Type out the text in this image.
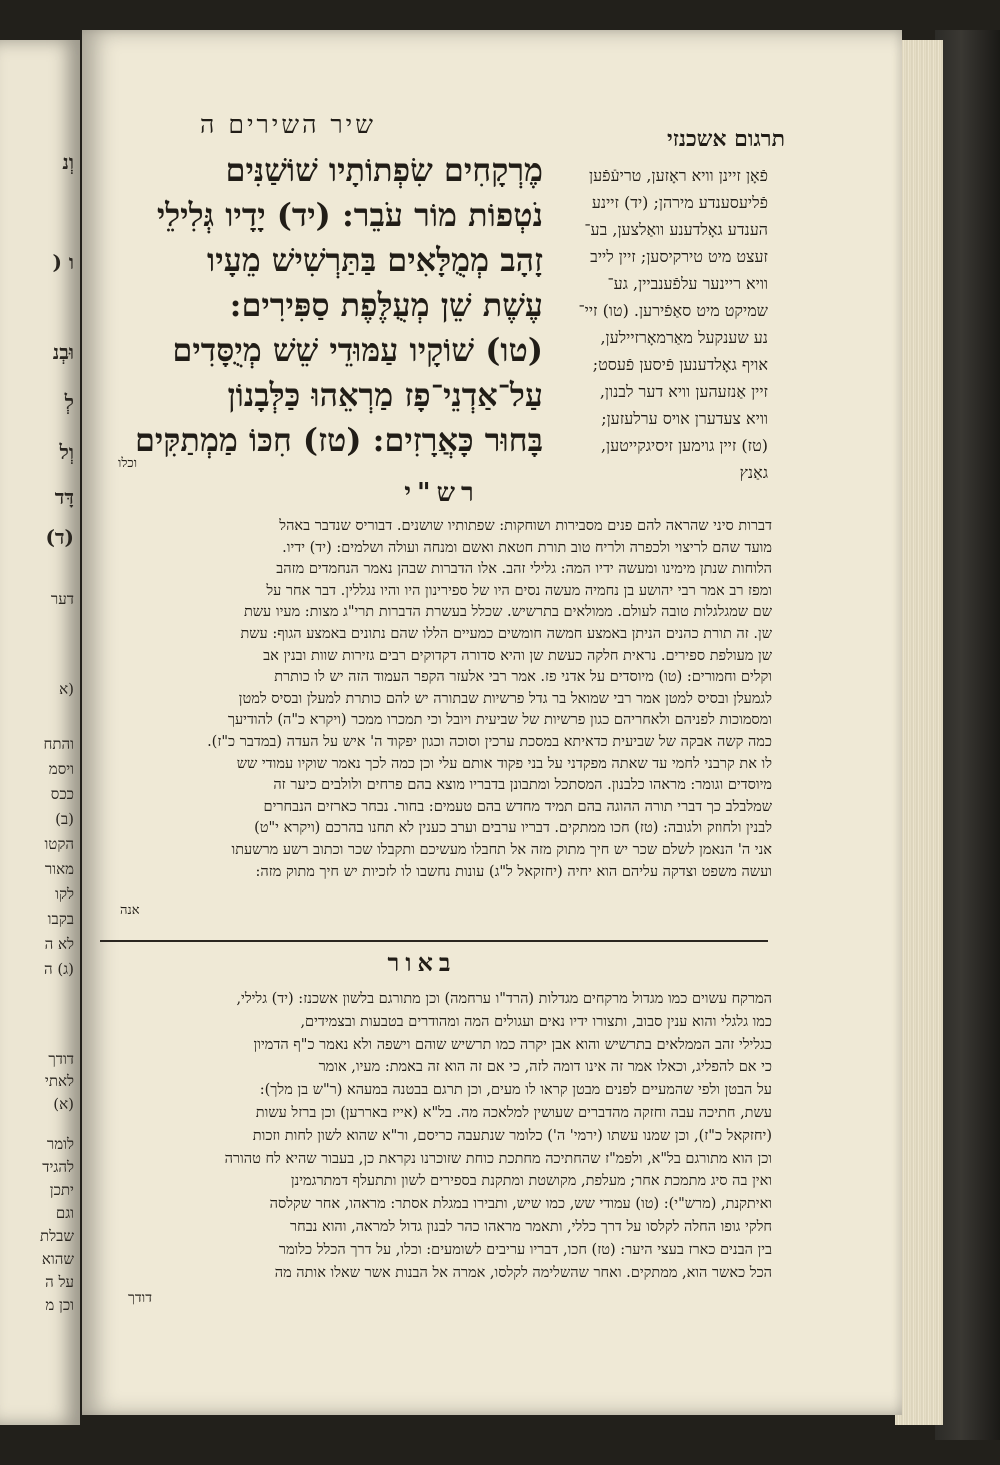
וְנ
ו (
וּבְנ
לְ
וְל
דָּד
(ד)
דער
(א
והתח
ויסמ
ככס
(ב)
הקטו
מאור
לקו
בקבו
לא ה
(ג) ה
דודך
לאתי
(א)
לומר
להגיד
יתכן
וגם
שבלת
שהוא
על ה
וכן מ
שיר השירים ה	תרגום אשכנזי
מֶרְקָחִים שִׂפְתוֹתָיו שׁוֹשַׁנִּים
נֹטְפוֹת מוֹר עֹבֵר: (יד) יָדָיו גְּלִילֵי
זָהָב מְמֻלָּאִים בַּתַּרְשִׁישׁ מֵעָיו
עֶשֶׁת שֵׁן מְעֻלֶּפֶת סַפִּירִים:
(טו) שׁוֹקָיו עַמּוּדֵי שֵׁשׁ מְיֻסָּדִים
עַל־אַדְנֵי־פָז מַרְאֵהוּ כַּלְּבָנוֹן
בָּחוּר כָּאֲרָזִים: (טז) חִכּוֹ מַמְתַקִּים
וכלו
פֿאָן זיינן וויא ראָזען, טריעֿפֿען
פֿליעסענדע מירהן; (יד) זיינע
הענדע גאָלדענע וואַלצען, בע־
זעצט מיט טירקיסען; זיין לייב
וויא ריינער עלפֿענביין, גע־
שמיקט מיט סאַפֿירען. (טו) זיי־
נע שענקעל מאַרמאָרזיילען,
אויף גאָלדענען פֿיסען פֿעסט;
זיין אַנזעהען וויא דער לבנון,
וויא צעדערן אויס ערלעזען;
(טז) זיין גוימען זיסיגקייטען,
גאַנץ
רש"י
דברות סיני שהראה להם פנים מסבירות ושוחקות: שפתותיו שושנים. דבוריס שנדבר באהל
מועד שהם לריצוי ולכפרה ולריח טוב תורת חטאת ואשם ומנחה ועולה ושלמים: (יד) ידיו.
הלוחות שנתן מימינו ומעשה ידיו המה: גלילי זהב. אלו הדברות שבהן נאמר הנחמדים מזהב
ומפז רב אמר רבי יהושע בן נחמיה מעשה נסים היו של ספירינון היו והיו נגללין. דבר אחר על
שם שמגלגלות טובה לעולם. ממולאים בתרשיש. שכלל בעשרת הדברות תרי"ג מצות: מעיו עשת
שן. זה תורת כהנים הניתן באמצע חמשה חומשים כמעיים הללו שהם נתונים באמצע הגוף: עשת
שן מעולפת ספירים. נראית חלקה כעשת שן והיא סדורה דקדוקים רבים גזירות שוות ובנין אב
וקלים וחמורים: (טו) מיוסדים על אדני פז. אמר רבי אלעזר הקפר העמוד הזה יש לו כותרת
לגמעלן ובסיס למטן אמר רבי שמואל בר גדל פרשיות שבתורה יש להם כותרת למעלן ובסיס למטן
ומסמוכות לפניהם ולאחריהם כגון פרשיות של שביעית ויובל וכי תמכרו ממכר (ויקרא כ"ה) להודיעך
כמה קשה אבקה של שביעית כדאיתא במסכת ערכין וסוכה וכגון יפקוד ה' איש על העדה (במדבר כ"ז).
לו את קרבני לחמי עד שאתה מפקדני על בני פקוד אותם עלי וכן כמה לכך נאמר שוקיו עמודי שש
מיוסדים וגומר: מראהו כלבנון. המסתכל ומתבונן בדבריו מוצא בהם פרחים ולולבים כיער זה
שמלבלב כך דברי תורה ההוגה בהם תמיד מחדש בהם טעמים: בחור. נבחר כארזים הנבחרים
לבנין ולחוזק ולגובה: (טז) חכו ממתקים. דבריו ערבים וערב כענין לא תחנו בהרכם (ויקרא י"ט)
אני ה' הנאמן לשלם שכר יש חיך מתוק מזה אל תחבלו מעשיכם ותקבלו שכר וכתוב רשע מרשעתו
ועשה משפט וצדקה עליהם הוא יחיה (יחזקאל ל"ג) עונות נחשבו לו לזכיות יש חיך מתוק מזה:
אנה
באור
המרקח עשוים כמו מגדול מרקחים מגדלות (הרד"ו ערחמה) וכן מתורגם בלשון אשכנז: (יד) גלילי,
כמו גלגלי והוא ענין סבוב, ותצורו ידיו נאים ועגולים המה ומהודרים בטבעות ובצמידים,
כגלילי זהב הממלאים בתרשיש והוא אבן יקרה כמו תרשיש שוהם וישפה ולא נאמר כ"ף הדמיון
כי אם להפליג, וכאלו אמר זה אינו דומה לזה, כי אם זה הוא זה באמת: מעיו, אומר
על הבטן ולפי שהמעיים לפנים מבטן קראו לו מעים, וכן תרגם בבטנה במעהא (ר"ש בן מלך):
עשת, חתיכה עבה וחזקה מהדברים שעושין למלאכה מה. בל"א (אייז באררען) וכן ברזל עשות
(יחזקאל כ"ז), וכן שמנו עשתו (ירמי' ה') כלומר שנתעבה כריסם, ור"א שהוא לשון לחות וזכות
וכן הוא מתורגם בל"א, ולפמ"ז שהחתיכה מחתכת כוחת שזוכרנו נקראת כן, בעבור שהיא לח טהורה
ואין בה סיג מתמכת אחר; מעלפת, מקושטת ומתקנת בספירים לשון ותתעלף דמתרגמינן
ואיתקנת, (מרש"י): (טו) עמודי שש, כמו שיש, ותבירו במגלת אסתר: מראהו, אחר שקלסה
חלקי גופו החלה לקלסו על דרך כללי, ותאמר מראהו כהר לבנון גדול למראה, והוא נבחר
בין הבנים כארז בעצי היער: (טז) חכו, דבריו עריבים לשומעים: וכלו, על דרך הכלל כלומר
הכל כאשר הוא, ממתקים. ואחר שהשלימה לקלסו, אמרה אל הבנות אשר שאלו אותה מה
דודך
